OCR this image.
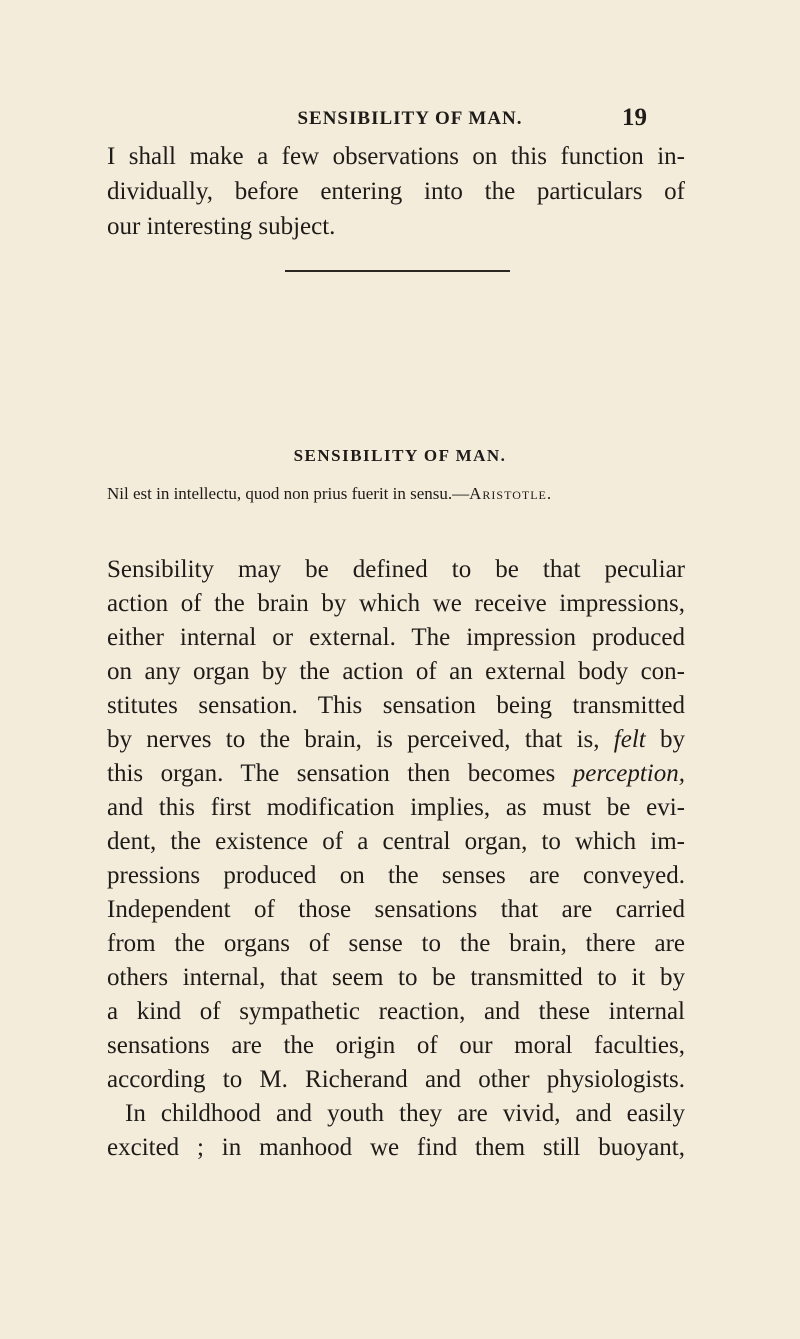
SENSIBILITY OF MAN.	19
I shall make a few observations on this function in-
dividually, before entering into the particulars of
our interesting subject.
SENSIBILITY OF MAN.
Nil est in intellectu, quod non prius fuerit in sensu.—Aristotle.
Sensibility may be defined to be that peculiar
action of the brain by which we receive impressions,
either internal or external. The impression produced
on any organ by the action of an external body con-
stitutes sensation. This sensation being transmitted
by nerves to the brain, is perceived, that is, felt by
this organ. The sensation then becomes perception,
and this first modification implies, as must be evi-
dent, the existence of a central organ, to which im-
pressions produced on the senses are conveyed.
Independent of those sensations that are carried
from the organs of sense to the brain, there are
others internal, that seem to be transmitted to it by
a kind of sympathetic reaction, and these internal
sensations are the origin of our moral faculties,
according to M. Richerand and other physiologists.
In childhood and youth they are vivid, and easily
excited ; in manhood we find them still buoyant,
